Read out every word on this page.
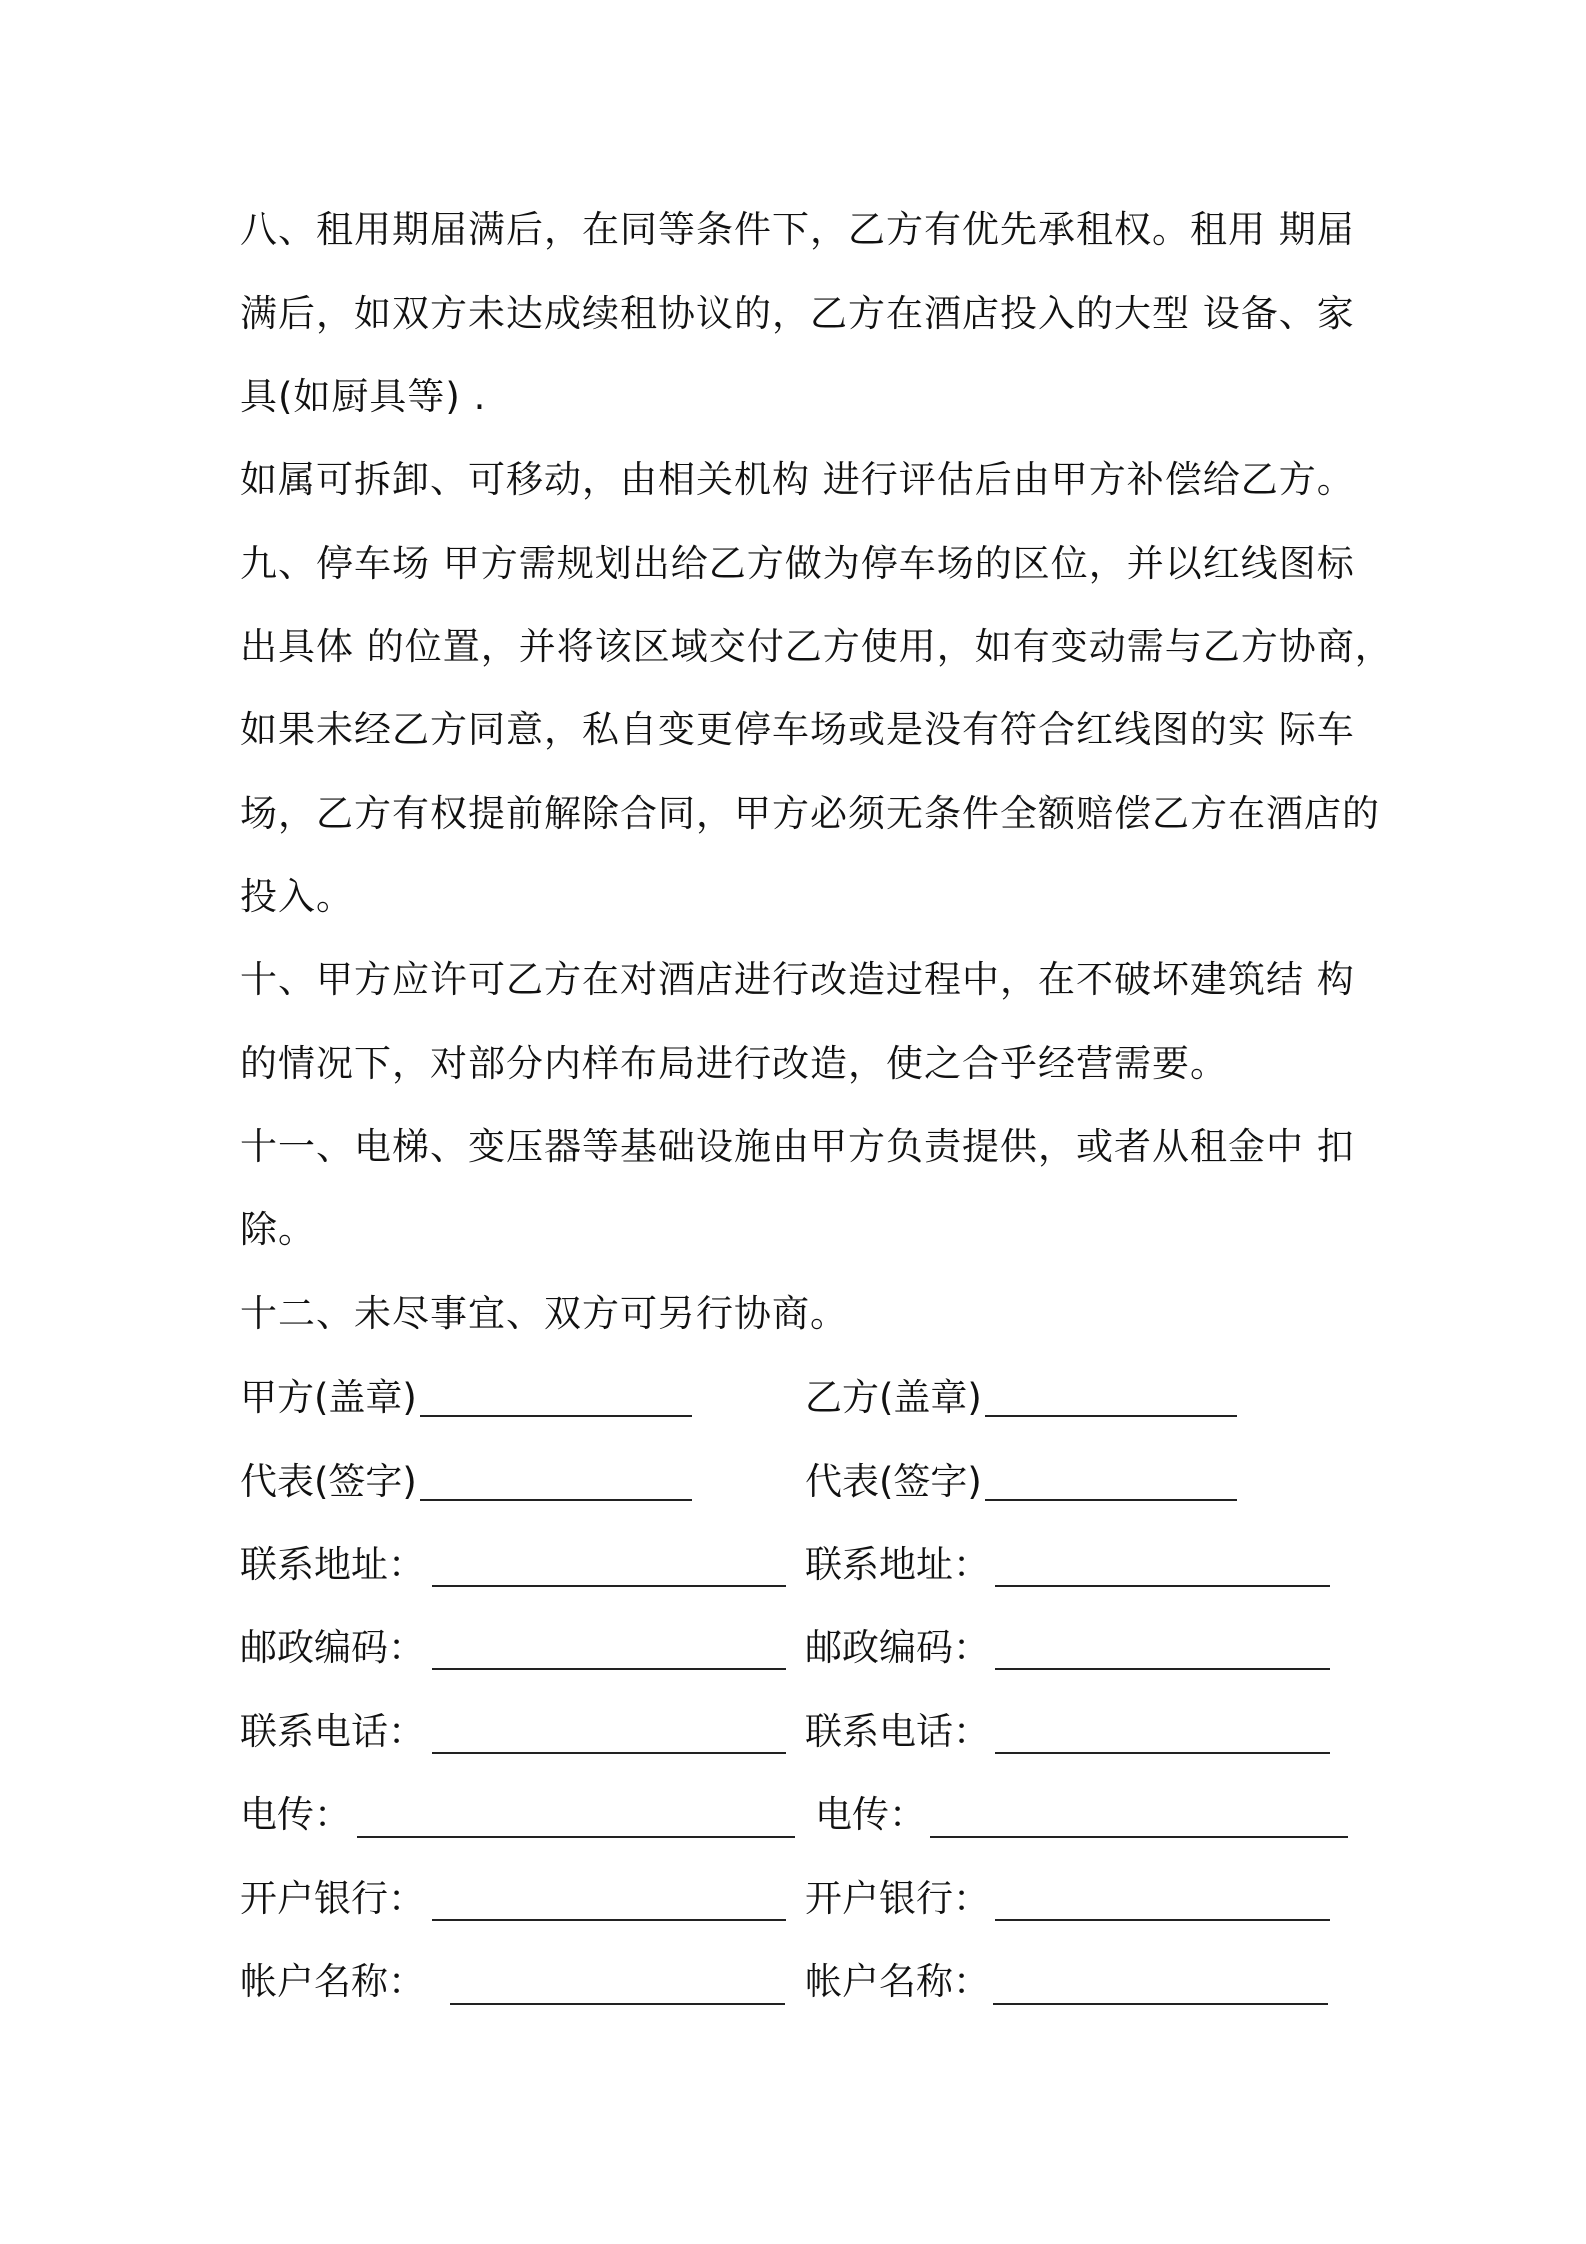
八、租用期届满后，在同等条件下，乙方有优先承租权。租用 期届
满后，如双方未达成续租协议的，乙方在酒店投入的大型 设备、家
具(如厨具等) .
如属可拆卸、可移动，由相关机构 进行评估后由甲方补偿给乙方。
九、停车场 甲方需规划出给乙方做为停车场的区位，并以红线图标
出具体 的位置，并将该区域交付乙方使用，如有变动需与乙方协商，
如果未经乙方同意，私自变更停车场或是没有符合红线图的实 际车
场，乙方有权提前解除合同，甲方必须无条件全额赔偿乙方在酒店的
投入。
十、甲方应许可乙方在对酒店进行改造过程中，在不破坏建筑结 构
的情况下，对部分内样布局进行改造，使之合乎经营需要。
十一、电梯、变压器等基础设施由甲方负责提供，或者从租金中 扣
除。
十二、未尽事宜、双方可另行协商。
甲方(盖章)	乙方(盖章)
代表(签字)	代表(签字)
联系地址：	联系地址：
邮政编码：	邮政编码：
联系电话：	联系电话：
电传：	电传：
开户银行：	开户银行：
帐户名称：	帐户名称：
